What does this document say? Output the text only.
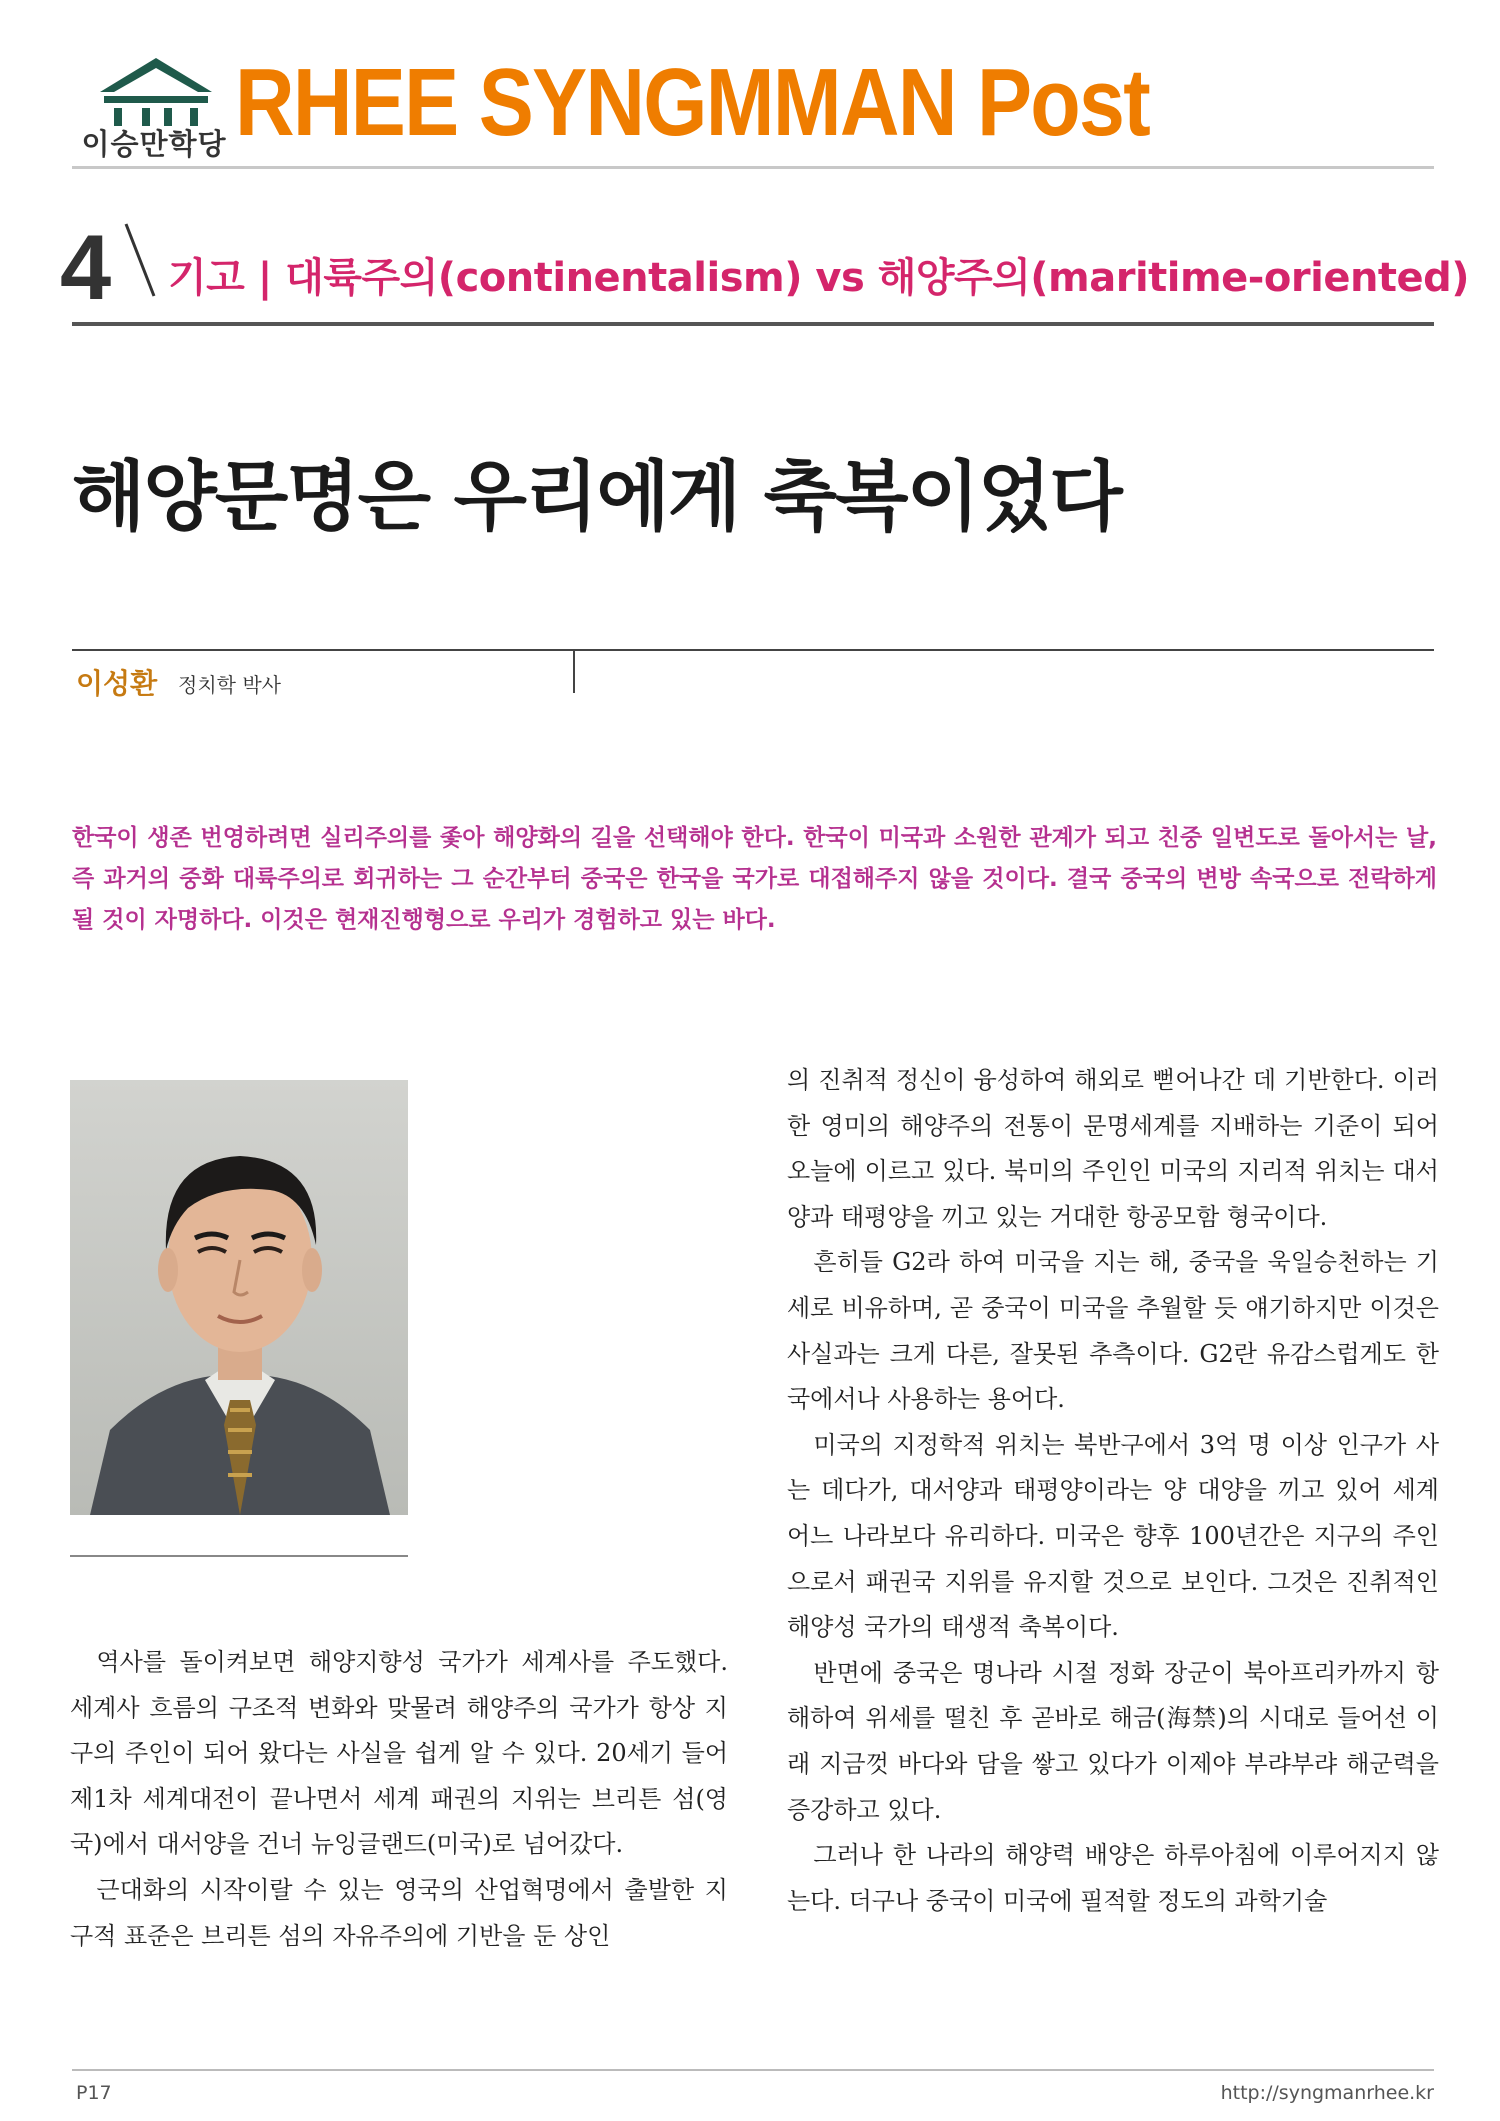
이승만학당 RHEE SYNGMMAN Post
4 기고 | 대륙주의(continentalism) vs 해양주의(maritime-oriented)
해양문명은 우리에게 축복이었다
이성환 정치학 박사
한국이 생존 번영하려면 실리주의를 좇아 해양화의 길을 선택해야 한다. 한국이 미국과 소원한 관계가 되고 친중 일변도로 돌아서는 날, 즉 과거의 중화 대륙주의로 회귀하는 그 순간부터 중국은 한국을 국가로 대접해주지 않을 것이다. 결국 중국의 변방 속국으로 전락하게 될 것이 자명하다. 이것은 현재진행형으로 우리가 경험하고 있는 바다.

역사를 돌이켜보면 해양지향성 국가가 세계사를 주도했다. 세계사 흐름의 구조적 변화와 맞물려 해양주의 국가가 항상 지구의 주인이 되어 왔다는 사실을 쉽게 알 수 있다. 20세기 들어 제1차 세계대전이 끝나면서 세계 패권의 지위는 브리튼 섬(영국)에서 대서양을 건너 뉴잉글랜드(미국)로 넘어갔다.

근대화의 시작이랄 수 있는 영국의 산업혁명에서 출발한 지구적 표준은 브리튼 섬의 자유주의에 기반을 둔 상인

의 진취적 정신이 융성하여 해외로 뻗어나간 데 기반한다. 이러한 영미의 해양주의 전통이 문명세계를 지배하는 기준이 되어 오늘에 이르고 있다. 북미의 주인인 미국의 지리적 위치는 대서양과 태평양을 끼고 있는 거대한 항공모함 형국이다.

흔히들 G2라 하여 미국을 지는 해, 중국을 욱일승천하는 기세로 비유하며, 곧 중국이 미국을 추월할 듯 얘기하지만 이것은 사실과는 크게 다른, 잘못된 추측이다. G2란 유감스럽게도 한국에서나 사용하는 용어다.

미국의 지정학적 위치는 북반구에서 3억 명 이상 인구가 사는 데다가, 대서양과 태평양이라는 양 대양을 끼고 있어 세계 어느 나라보다 유리하다. 미국은 향후 100년간은 지구의 주인으로서 패권국 지위를 유지할 것으로 보인다. 그것은 진취적인 해양성 국가의 태생적 축복이다.

반면에 중국은 명나라 시절 정화 장군이 북아프리카까지 항해하여 위세를 떨친 후 곧바로 해금(海禁)의 시대로 들어선 이래 지금껏 바다와 담을 쌓고 있다가 이제야 부랴부랴 해군력을 증강하고 있다.

그러나 한 나라의 해양력 배양은 하루아침에 이루어지지 않는다. 더구나 중국이 미국에 필적할 정도의 과학기술

P17	http://syngmanrhee.kr
